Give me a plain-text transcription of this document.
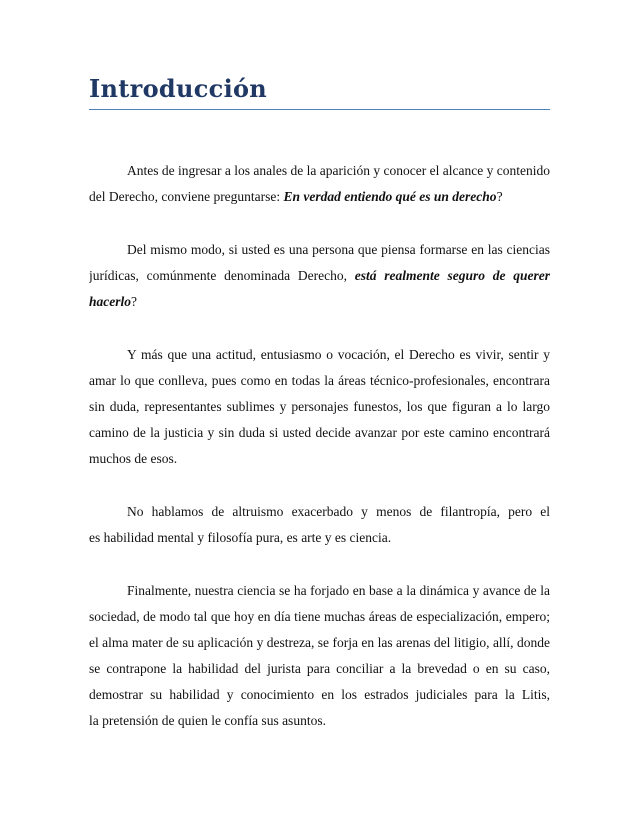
Introducción

Antes de ingresar a los anales de la aparición y conocer el alcance y contenido
del Derecho, conviene preguntarse: En verdad entiendo qué es un derecho?

Del mismo modo, si usted es una persona que piensa formarse en las ciencias
jurídicas, comúnmente denominada Derecho, está realmente seguro de querer
hacerlo?

Y más que una actitud, entusiasmo o vocación, el Derecho es vivir, sentir y
amar lo que conlleva, pues como en todas la áreas técnico-profesionales, encontrara
sin duda, representantes sublimes y personajes funestos, los que figuran a lo largo
camino de la justicia y sin duda si usted decide avanzar por este camino encontrará
muchos de esos.

No hablamos de altruismo exacerbado y menos de filantropía, pero el
es habilidad mental y filosofía pura, es arte y es ciencia.

Finalmente, nuestra ciencia se ha forjado en base a la dinámica y avance de la
sociedad, de modo tal que hoy en día tiene muchas áreas de especialización, empero;
el alma mater de su aplicación y destreza, se forja en las arenas del litigio, allí, donde
se contrapone la habilidad del jurista para conciliar a la brevedad o en su caso,
demostrar su habilidad y conocimiento en los estrados judiciales para la Litis,
la pretensión de quien le confía sus asuntos.
